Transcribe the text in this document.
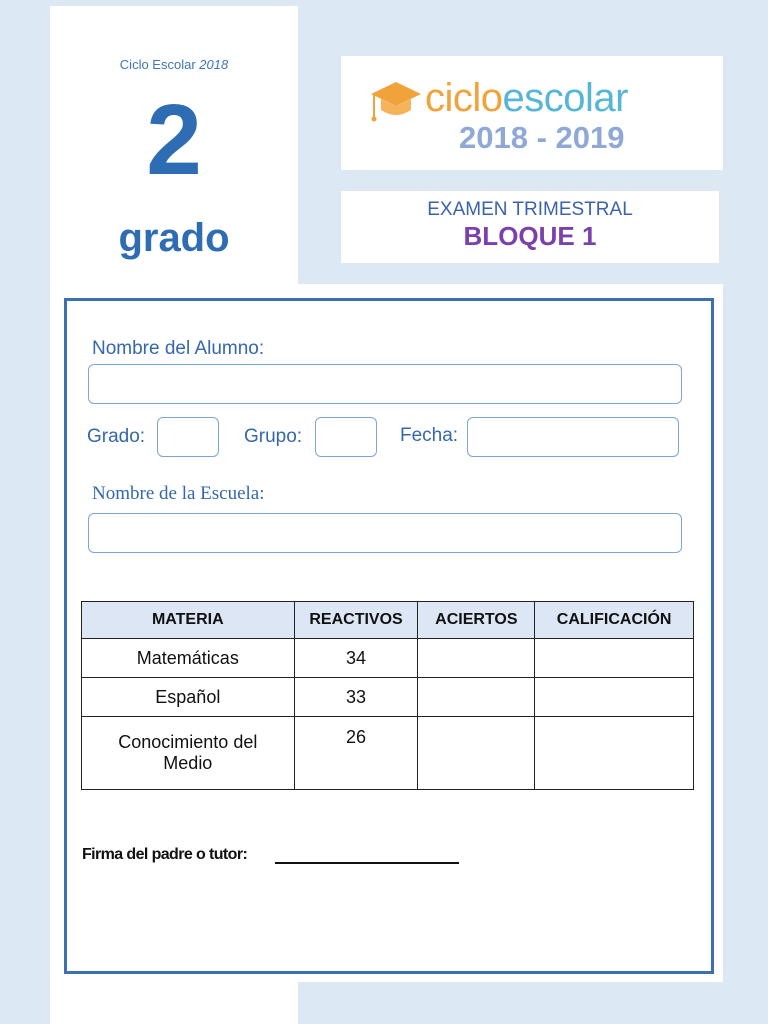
Ciclo Escolar 2018
2
grado
cicloescolar
2018 - 2019
EXAMEN TRIMESTRAL
BLOQUE 1
Nombre del Alumno:
Grado:	Grupo:	Fecha:
Nombre de la Escuela:
MATERIA	REACTIVOS	ACIERTOS	CALIFICACIÓN
Matemáticas	34		
Español	33		
Conocimiento del Medio	26		
Firma del padre o tutor:
